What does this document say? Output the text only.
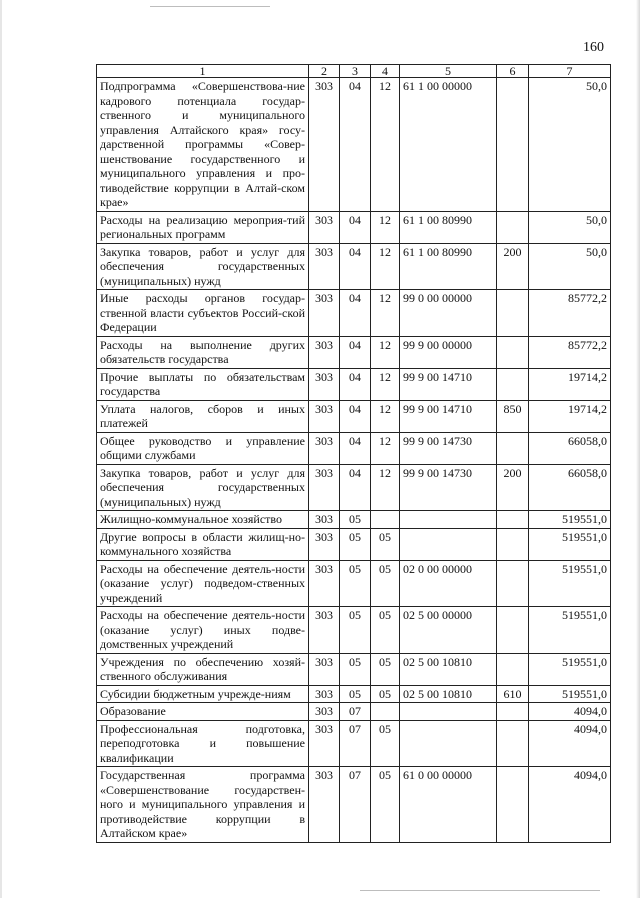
160
1	2	3	4	5	6	7
Подпрограмма «Совершенствова-ние кадрового потенциала государ-ственного и муниципального управления Алтайского края» госу-дарственной программы «Совер-шенствование государственного и муниципального управления и про-тиводействие коррупции в Алтай-ском крае»	303	04	12	61 1 00 00000		50,0
Расходы на реализацию мероприя-тий региональных программ	303	04	12	61 1 00 80990		50,0
Закупка товаров, работ и услуг для обеспечения государственных (муниципальных) нужд	303	04	12	61 1 00 80990	200	50,0
Иные расходы органов государ-ственной власти субъектов Россий-ской Федерации	303	04	12	99 0 00 00000		85772,2
Расходы на выполнение других обязательств государства	303	04	12	99 9 00 00000		85772,2
Прочие выплаты по обязательствам государства	303	04	12	99 9 00 14710		19714,2
Уплата налогов, сборов и иных платежей	303	04	12	99 9 00 14710	850	19714,2
Общее руководство и управление общими службами	303	04	12	99 9 00 14730		66058,0
Закупка товаров, работ и услуг для обеспечения государственных (муниципальных) нужд	303	04	12	99 9 00 14730	200	66058,0
Жилищно-коммунальное хозяйство	303	05				519551,0
Другие вопросы в области жилищ-но-коммунального хозяйства	303	05	05			519551,0
Расходы на обеспечение деятель-ности (оказание услуг) подведом-ственных учреждений	303	05	05	02 0 00 00000		519551,0
Расходы на обеспечение деятель-ности (оказание услуг) иных подве-домственных учреждений	303	05	05	02 5 00 00000		519551,0
Учреждения по обеспечению хозяй-ственного обслуживания	303	05	05	02 5 00 10810		519551,0
Субсидии бюджетным учрежде-ниям	303	05	05	02 5 00 10810	610	519551,0
Образование	303	07				4094,0
Профессиональная подготовка, переподготовка и повышение квалификации	303	07	05			4094,0
Государственная программа «Совершенствование государствен-ного и муниципального управления и противодействие коррупции в Алтайском крае»	303	07	05	61 0 00 00000		4094,0
